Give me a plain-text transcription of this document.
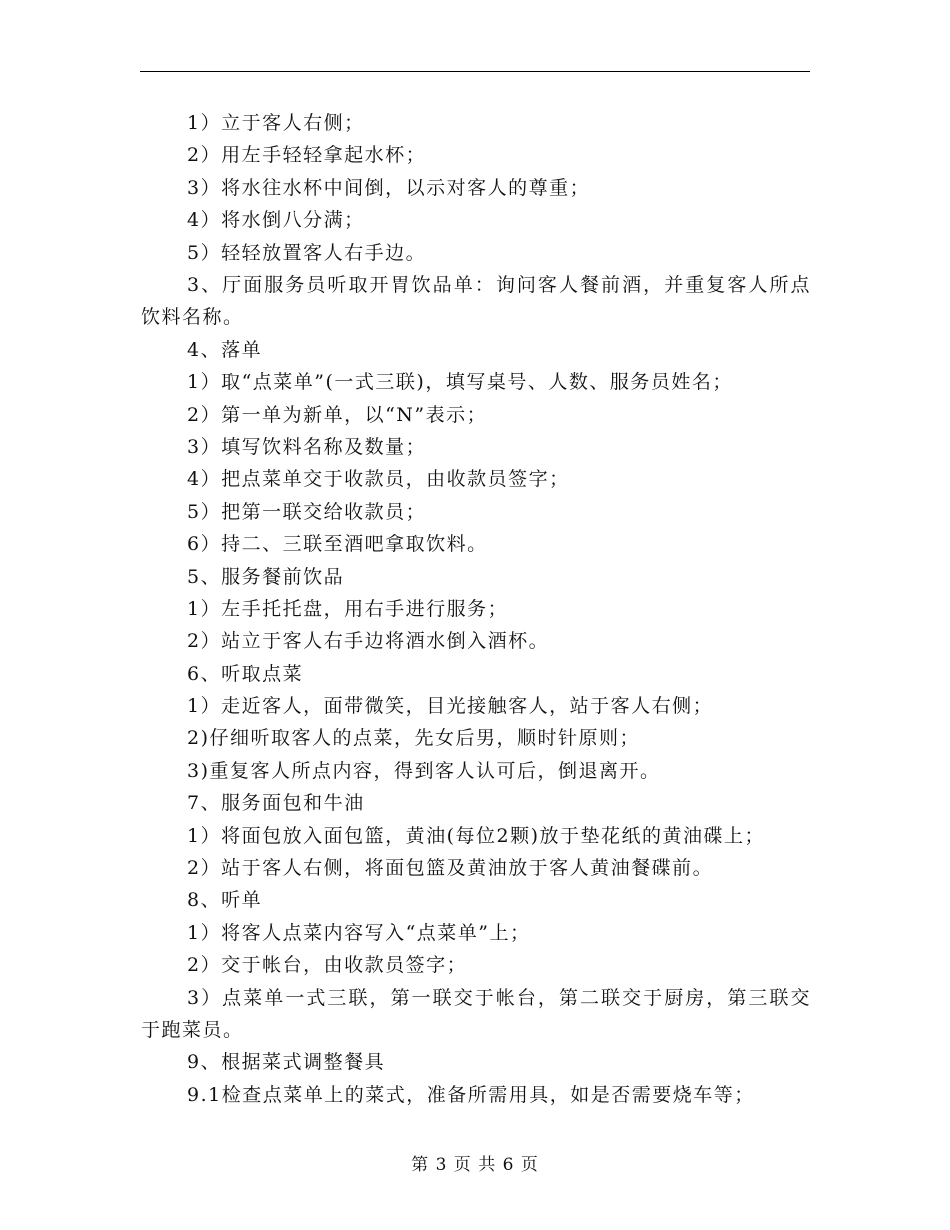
1）立于客人右侧；
2）用左手轻轻拿起水杯；
3）将水往水杯中间倒，以示对客人的尊重；
4）将水倒八分满；
5）轻轻放置客人右手边。
3、厅面服务员听取开胃饮品单：询问客人餐前酒，并重复客人所点饮料名称。
4、落单
1）取“点菜单”(一式三联)，填写桌号、人数、服务员姓名；
2）第一单为新单，以“N”表示；
3）填写饮料名称及数量；
4）把点菜单交于收款员，由收款员签字；
5）把第一联交给收款员；
6）持二、三联至酒吧拿取饮料。
5、服务餐前饮品
1）左手托托盘，用右手进行服务；
2）站立于客人右手边将酒水倒入酒杯。
6、听取点菜
1）走近客人，面带微笑，目光接触客人，站于客人右侧；
2)仔细听取客人的点菜，先女后男，顺时针原则；
3)重复客人所点内容，得到客人认可后，倒退离开。
7、服务面包和牛油
1）将面包放入面包篮，黄油(每位2颗)放于垫花纸的黄油碟上；
2）站于客人右侧，将面包篮及黄油放于客人黄油餐碟前。
8、听单
1）将客人点菜内容写入“点菜单”上；
2）交于帐台，由收款员签字；
3）点菜单一式三联，第一联交于帐台，第二联交于厨房，第三联交于跑菜员。
9、根据菜式调整餐具
9.1检查点菜单上的菜式，准备所需用具，如是否需要烧车等；
第 3 页 共 6 页
